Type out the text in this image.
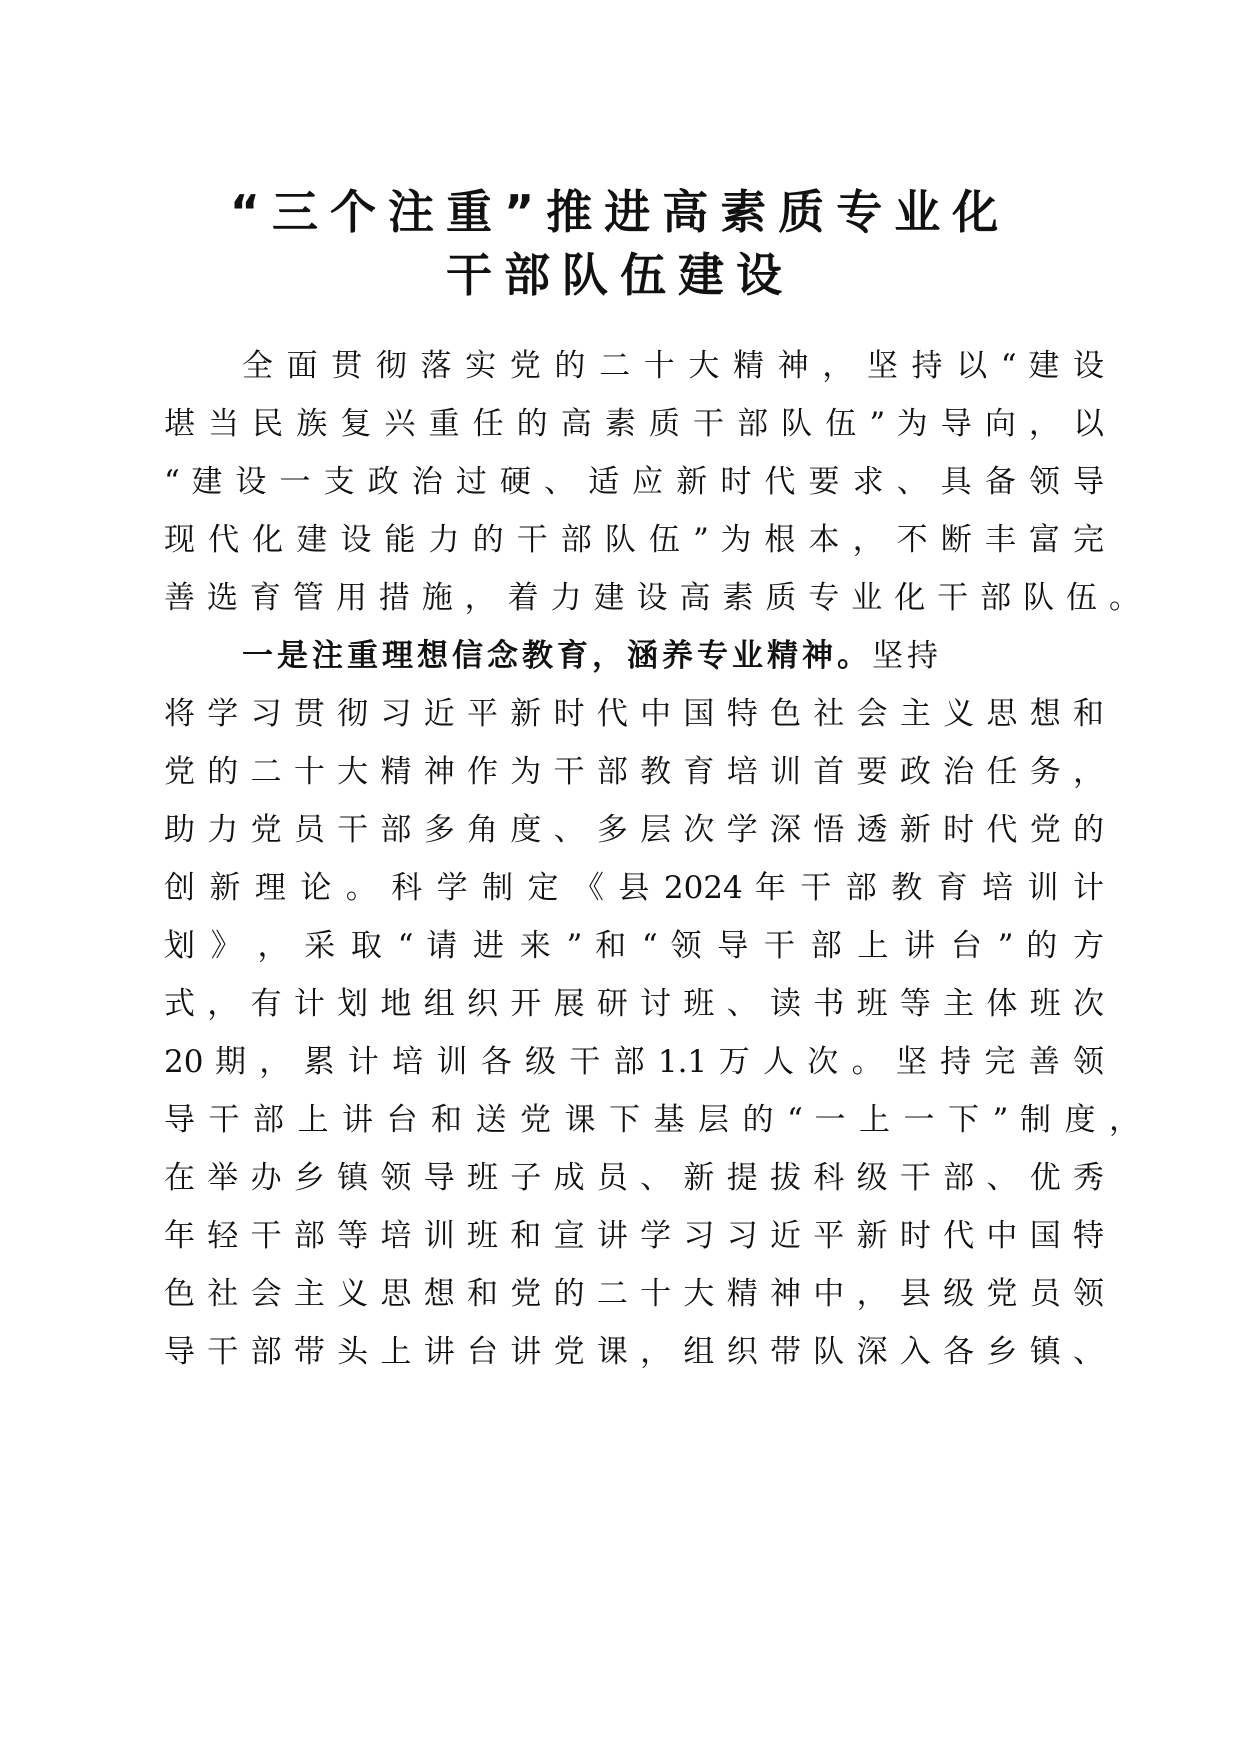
“三个注重”推进高素质专业化
干部队伍建设
全 面 贯 彻 落 实 党 的 二 十 大 精 神 ， 坚 持 以 “ 建 设
堪 当 民 族 复 兴 重 任 的 高 素 质 干 部 队 伍 ” 为 导 向 ， 以
“ 建 设 一 支 政 治 过 硬 、 适 应 新 时 代 要 求 、 具 备 领 导
现 代 化 建 设 能 力 的 干 部 队 伍 ” 为 根 本 ， 不 断 丰 富 完
善 选 育 管 用 措 施 ， 着 力 建 设 高 素 质 专 业 化 干 部 队 伍 。
一是注重理想信念教育，涵养专业精神。坚持
将 学 习 贯 彻 习 近 平 新 时 代 中 国 特 色 社 会 主 义 思 想 和
党 的 二 十 大 精 神 作 为 干 部 教 育 培 训 首 要 政 治 任 务 ，
助 力 党 员 干 部 多 角 度 、 多 层 次 学 深 悟 透 新 时 代 党 的
创 新 理 论 。 科 学 制 定 《 县 2024 年 干 部 教 育 培 训 计
划 》 ， 采 取 “ 请 进 来 ” 和 “ 领 导 干 部 上 讲 台 ” 的 方
式 ， 有 计 划 地 组 织 开 展 研 讨 班 、 读 书 班 等 主 体 班 次
20 期 ， 累 计 培 训 各 级 干 部 1.1 万 人 次 。 坚 持 完 善 领
导 干 部 上 讲 台 和 送 党 课 下 基 层 的 “ 一 上 一 下 ” 制 度 ，
在 举 办 乡 镇 领 导 班 子 成 员 、 新 提 拔 科 级 干 部 、 优 秀
年 轻 干 部 等 培 训 班 和 宣 讲 学 习 习 近 平 新 时 代 中 国 特
色 社 会 主 义 思 想 和 党 的 二 十 大 精 神 中 ， 县 级 党 员 领
导 干 部 带 头 上 讲 台 讲 党 课 ， 组 织 带 队 深 入 各 乡 镇 、
